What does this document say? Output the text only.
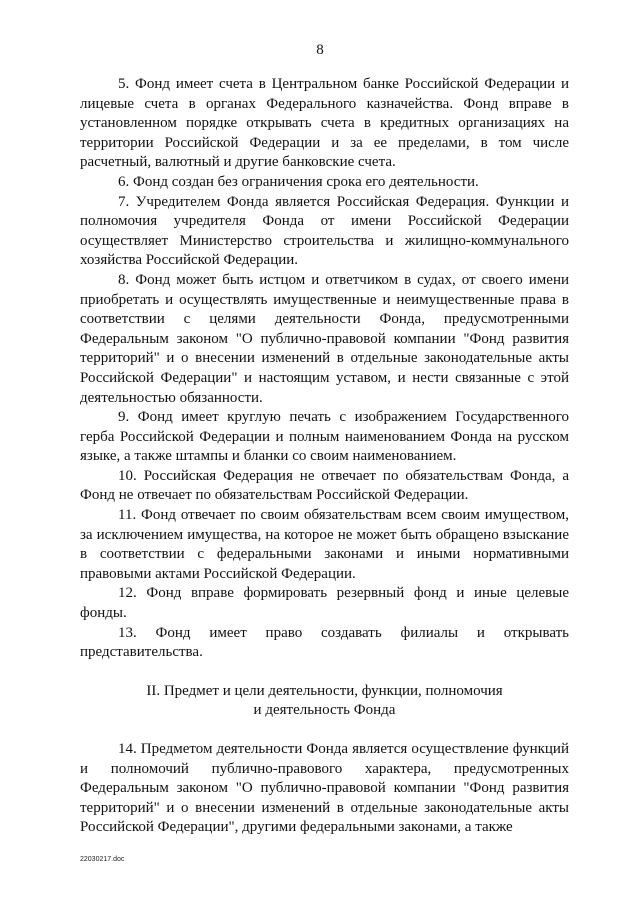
8

5. Фонд имеет счета в Центральном банке Российской Федерации и лицевые счета в органах Федерального казначейства. Фонд вправе в установленном порядке открывать счета в кредитных организациях на территории Российской Федерации и за ее пределами, в том числе расчетный, валютный и другие банковские счета.

6. Фонд создан без ограничения срока его деятельности.

7. Учредителем Фонда является Российская Федерация. Функции и полномочия учредителя Фонда от имени Российской Федерации осуществляет Министерство строительства и жилищно-коммунального хозяйства Российской Федерации.

8. Фонд может быть истцом и ответчиком в судах, от своего имени приобретать и осуществлять имущественные и неимущественные права в соответствии с целями деятельности Фонда, предусмотренными Федеральным законом "О публично-правовой компании "Фонд развития территорий" и о внесении изменений в отдельные законодательные акты Российской Федерации" и настоящим уставом, и нести связанные с этой деятельностью обязанности.

9. Фонд имеет круглую печать с изображением Государственного герба Российской Федерации и полным наименованием Фонда на русском языке, а также штампы и бланки со своим наименованием.

10. Российская Федерация не отвечает по обязательствам Фонда, а Фонд не отвечает по обязательствам Российской Федерации.

11. Фонд отвечает по своим обязательствам всем своим имуществом, за исключением имущества, на которое не может быть обращено взыскание в соответствии с федеральными законами и иными нормативными правовыми актами Российской Федерации.

12. Фонд вправе формировать резервный фонд и иные целевые фонды.

13. Фонд имеет право создавать филиалы и открывать представительства.

II. Предмет и цели деятельности, функции, полномочия
и деятельность Фонда

14. Предметом деятельности Фонда является осуществление функций и полномочий публично-правового характера, предусмотренных Федеральным законом "О публично-правовой компании "Фонд развития территорий" и о внесении изменений в отдельные законодательные акты Российской Федерации", другими федеральными законами, а также

22030217.doc
